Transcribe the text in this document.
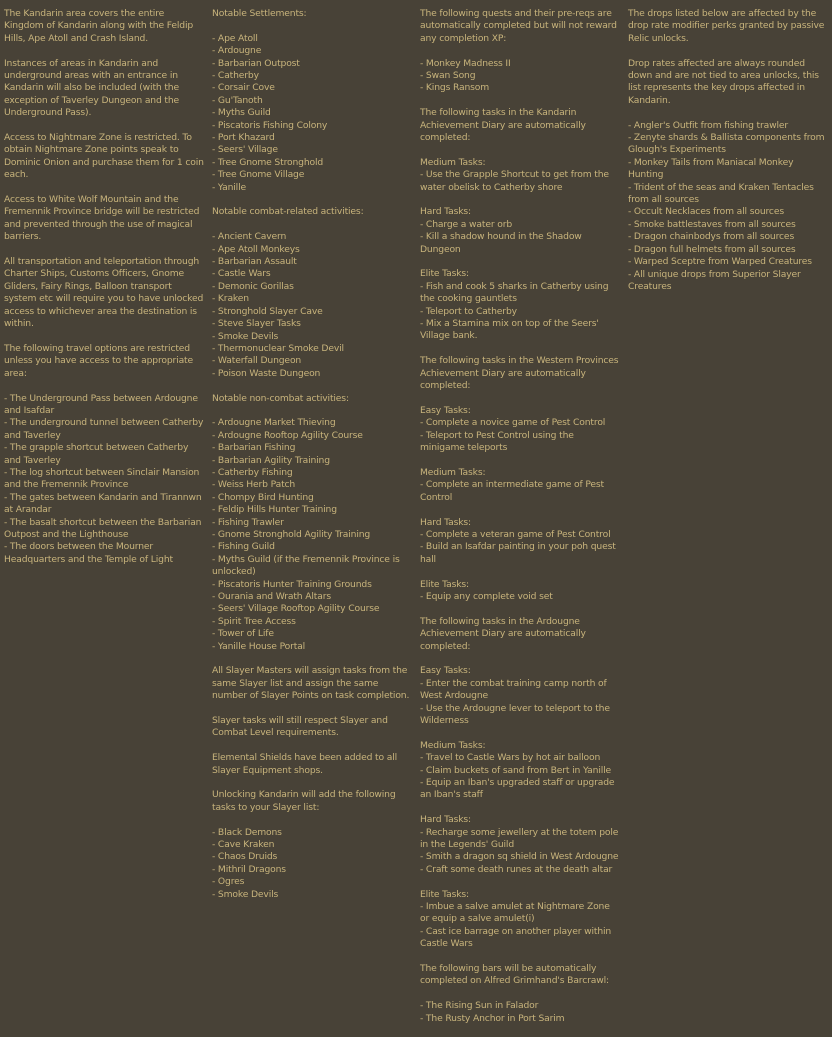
The Kandarin area covers the entire Kingdom of Kandarin along with the Feldip Hills, Ape Atoll and Crash Island.

Instances of areas in Kandarin and underground areas with an entrance in Kandarin will also be included (with the exception of Taverley Dungeon and the Underground Pass).

Access to Nightmare Zone is restricted. To obtain Nightmare Zone points speak to Dominic Onion and purchase them for 1 coin each.

Access to White Wolf Mountain and the Fremennik Province bridge will be restricted and prevented through the use of magical barriers.

All transportation and teleportation through Charter Ships, Customs Officers, Gnome Gliders, Fairy Rings, Balloon transport system etc will require you to have unlocked access to whichever area the destination is within.

The following travel options are restricted unless you have access to the appropriate area:

- The Underground Pass between Ardougne and Isafdar

- The underground tunnel between Catherby and Taverley

- The grapple shortcut between Catherby and Taverley

- The log shortcut between Sinclair Mansion and the Fremennik Province

- The gates between Kandarin and Tirannwn at Arandar

- The basalt shortcut between the Barbarian Outpost and the Lighthouse

- The doors between the Mourner Headquarters and the Temple of Light

Notable Settlements:

- Ape Atoll

- Ardougne

- Barbarian Outpost

- Catherby

- Corsair Cove

- Gu'Tanoth

- Myths Guild

- Piscatoris Fishing Colony

- Port Khazard

- Seers' Village

- Tree Gnome Stronghold

- Tree Gnome Village

- Yanille

Notable combat-related activities:

- Ancient Cavern

- Ape Atoll Monkeys

- Barbarian Assault

- Castle Wars

- Demonic Gorillas

- Kraken

- Stronghold Slayer Cave

- Steve Slayer Tasks

- Smoke Devils

- Thermonuclear Smoke Devil

- Waterfall Dungeon

- Poison Waste Dungeon

Notable non-combat activities:

- Ardougne Market Thieving

- Ardougne Rooftop Agility Course

- Barbarian Fishing

- Barbarian Agility Training

- Catherby Fishing

- Weiss Herb Patch

- Chompy Bird Hunting

- Feldip Hills Hunter Training

- Fishing Trawler

- Gnome Stronghold Agility Training

- Fishing Guild

- Myths Guild (if the Fremennik Province is unlocked)

- Piscatoris Hunter Training Grounds

- Ourania and Wrath Altars

- Seers' Village Rooftop Agility Course

- Spirit Tree Access

- Tower of Life

- Yanille House Portal

All Slayer Masters will assign tasks from the same Slayer list and assign the same number of Slayer Points on task completion.

Slayer tasks will still respect Slayer and Combat Level requirements.

Elemental Shields have been added to all Slayer Equipment shops.

Unlocking Kandarin will add the following tasks to your Slayer list:

- Black Demons

- Cave Kraken

- Chaos Druids

- Mithril Dragons

- Ogres

- Smoke Devils

The following quests and their pre-reqs are automatically completed but will not reward any completion XP:

- Monkey Madness II

- Swan Song

- Kings Ransom

The following tasks in the Kandarin Achievement Diary are automatically completed:

Medium Tasks:

- Use the Grapple Shortcut to get from the water obelisk to Catherby shore

Hard Tasks:

- Charge a water orb

- Kill a shadow hound in the Shadow Dungeon

Elite Tasks:

- Fish and cook 5 sharks in Catherby using the cooking gauntlets

- Teleport to Catherby

- Mix a Stamina mix on top of the Seers' Village bank.

The following tasks in the Western Provinces Achievement Diary are automatically completed:

Easy Tasks:

- Complete a novice game of Pest Control

- Teleport to Pest Control using the minigame teleports

Medium Tasks:

- Complete an intermediate game of Pest Control

Hard Tasks:

- Complete a veteran game of Pest Control

- Build an Isafdar painting in your poh quest hall

Elite Tasks:

- Equip any complete void set

The following tasks in the Ardougne Achievement Diary are automatically completed:

Easy Tasks:

- Enter the combat training camp north of West Ardougne

- Use the Ardougne lever to teleport to the Wilderness

Medium Tasks:

- Travel to Castle Wars by hot air balloon

- Claim buckets of sand from Bert in Yanille

- Equip an Iban's upgraded staff or upgrade an Iban's staff

Hard Tasks:

- Recharge some jewellery at the totem pole in the Legends' Guild

- Smith a dragon sq shield in West Ardougne

- Craft some death runes at the death altar

Elite Tasks:

- Imbue a salve amulet at Nightmare Zone or equip a salve amulet(i)

- Cast ice barrage on another player within Castle Wars

The following bars will be automatically completed on Alfred Grimhand's Barcrawl:

- The Rising Sun in Falador

- The Rusty Anchor in Port Sarim

The drops listed below are affected by the drop rate modifier perks granted by passive Relic unlocks.

Drop rates affected are always rounded down and are not tied to area unlocks, this list represents the key drops affected in Kandarin.

- Angler's Outfit from fishing trawler

- Zenyte shards & Ballista components from Glough's Experiments

- Monkey Tails from Maniacal Monkey Hunting

- Trident of the seas and Kraken Tentacles from all sources

- Occult Necklaces from all sources

- Smoke battlestaves from all sources

- Dragon chainbodys from all sources

- Dragon full helmets from all sources

- Warped Sceptre from Warped Creatures

- All unique drops from Superior Slayer Creatures
